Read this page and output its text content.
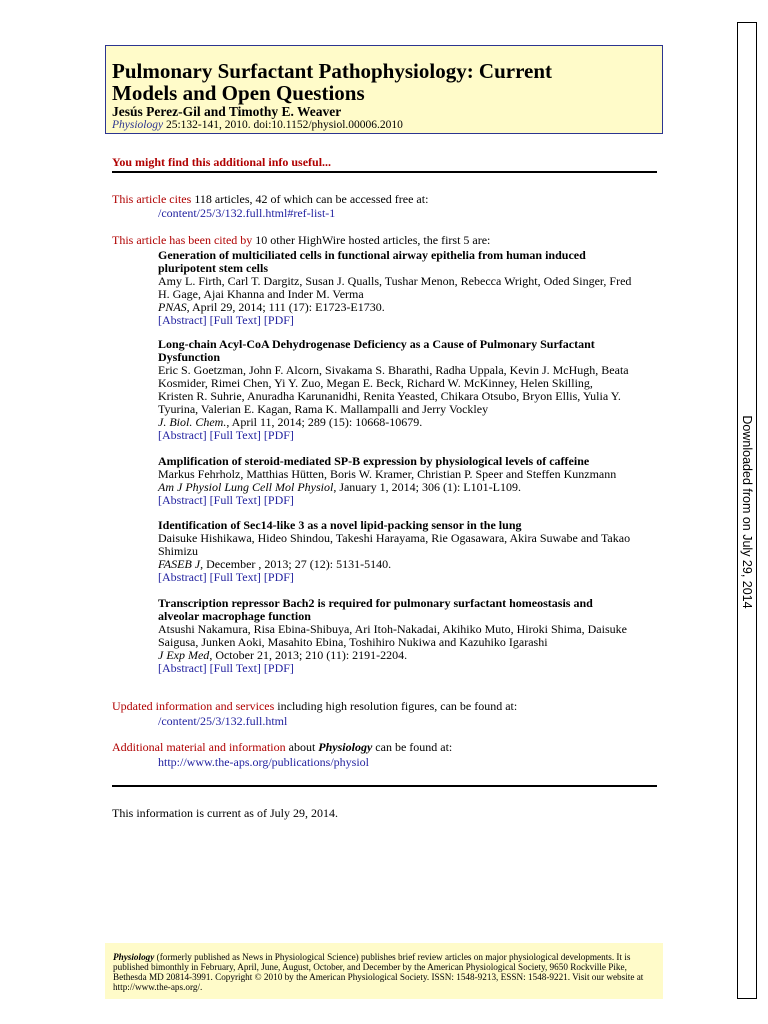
Pulmonary Surfactant Pathophysiology: Current
Models and Open Questions
Jesús Perez-Gil and Timothy E. Weaver
Physiology 25:132-141, 2010. doi:10.1152/physiol.00006.2010
You might find this additional info useful...
This article cites 118 articles, 42 of which can be accessed free at:
/content/25/3/132.full.html#ref-list-1
This article has been cited by 10 other HighWire hosted articles, the first 5 are:
Generation of multiciliated cells in functional airway epithelia from human induced
pluripotent stem cells
Amy L. Firth, Carl T. Dargitz, Susan J. Qualls, Tushar Menon, Rebecca Wright, Oded Singer, Fred
H. Gage, Ajai Khanna and Inder M. Verma
PNAS, April 29, 2014; 111 (17): E1723-E1730.
[Abstract] [Full Text] [PDF]
Long-chain Acyl-CoA Dehydrogenase Deficiency as a Cause of Pulmonary Surfactant
Dysfunction
Eric S. Goetzman, John F. Alcorn, Sivakama S. Bharathi, Radha Uppala, Kevin J. McHugh, Beata
Kosmider, Rimei Chen, Yi Y. Zuo, Megan E. Beck, Richard W. McKinney, Helen Skilling,
Kristen R. Suhrie, Anuradha Karunanidhi, Renita Yeasted, Chikara Otsubo, Bryon Ellis, Yulia Y.
Tyurina, Valerian E. Kagan, Rama K. Mallampalli and Jerry Vockley
J. Biol. Chem., April 11, 2014; 289 (15): 10668-10679.
[Abstract] [Full Text] [PDF]
Amplification of steroid-mediated SP-B expression by physiological levels of caffeine
Markus Fehrholz, Matthias Hütten, Boris W. Kramer, Christian P. Speer and Steffen Kunzmann
Am J Physiol Lung Cell Mol Physiol, January 1, 2014; 306 (1): L101-L109.
[Abstract] [Full Text] [PDF]
Identification of Sec14-like 3 as a novel lipid-packing sensor in the lung
Daisuke Hishikawa, Hideo Shindou, Takeshi Harayama, Rie Ogasawara, Akira Suwabe and Takao
Shimizu
FASEB J, December , 2013; 27 (12): 5131-5140.
[Abstract] [Full Text] [PDF]
Transcription repressor Bach2 is required for pulmonary surfactant homeostasis and
alveolar macrophage function
Atsushi Nakamura, Risa Ebina-Shibuya, Ari Itoh-Nakadai, Akihiko Muto, Hiroki Shima, Daisuke
Saigusa, Junken Aoki, Masahito Ebina, Toshihiro Nukiwa and Kazuhiko Igarashi
J Exp Med, October 21, 2013; 210 (11): 2191-2204.
[Abstract] [Full Text] [PDF]
Updated information and services including high resolution figures, can be found at:
/content/25/3/132.full.html
Additional material and information about Physiology can be found at:
http://www.the-aps.org/publications/physiol
This information is current as of July 29, 2014.
Physiology (formerly published as News in Physiological Science) publishes brief review articles on major physiological developments. It is published bimonthly in February, April, June, August, October, and December by the American Physiological Society, 9650 Rockville Pike, Bethesda MD 20814-3991. Copyright © 2010 by the American Physiological Society. ISSN: 1548-9213, ESSN: 1548-9221. Visit our website at http://www.the-aps.org/.
Downloaded from on July 29, 2014
